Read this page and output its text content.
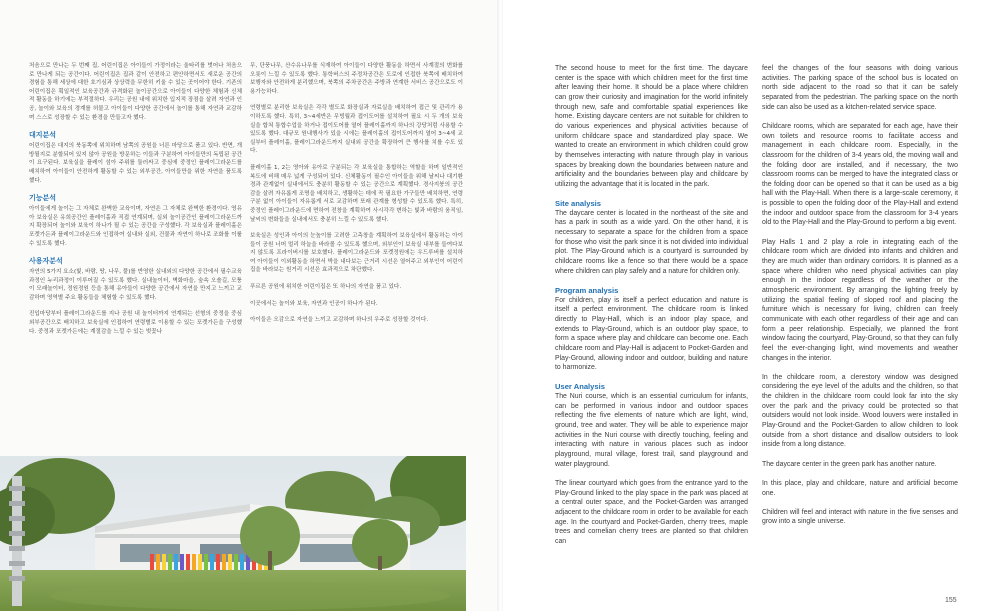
처음으로 만나는 두 번째 집, 어린이집은 아이들이 가정이라는 울타리를 벗어나 처음으로 만나게 되는 공간이다. 어린이집은 집과 같이 안전하고 편안하면서도 새로운 공간의 경험을 통해 세상에 대한 호기심과 상상력을 무한히 키울 수 있는 곳이어야 한다. 기존의 어린이집은 획일적인 보육공간과 규격화된 놀이공간으로 아이들이 다양한 체험과 신체적 활동을 하기에는 부적절하다. 우리는 공원 내에 위치한 입지적 장점을 살려 자연과 인공, 놀이와 보육의 경계를 허물고 아이들이 다양한 공간에서 놀이를 통해 자연과 교감하며 스스로 성장할 수 있는 환경을 만들고자 했다.

대지분석

어린이집은 대지의 북동쪽에 위치하며 남쪽의 공원을 너른 마당으로 품고 있다. 반면, 개방될지로 분할되어 있지 않아 공원을 방문하는 이들과 구분하여 아이들만의 독립된 공간이 요구된다. 보육실을 플레이 섬아 주위를 둘러싸고 중심에 중정인 플레이그라운드를 배치하여 아이들이 안전하게 활동할 수 있는 외부공간, 아이들만을 위한 자연을 품도록 했다.

기능분석

아이들에게 놀이는 그 자체로 완벽한 교육이며, 자연은 그 자체로 완벽한 환경이다. 영유아 보육실은 유희공간인 플레이홀과 직접 연계되며, 실외 놀이공간인 플레이그라운드까지 확장되어 놀이와 보육이 하나가 될 수 있는 공간을 구성했다. 각 보육실과 플레이홀은 포켓가든과 플레이그라운드와 인접하여 실내와 실외, 건물과 자연이 하나로 조화를 이룰 수 있도록 했다.

사용자분석

자연의 5가지 요소(빛, 바람, 땅, 나무, 풀)를 반영한 실내외의 다양한 공간에서 필수교육과정인 누리과정이 이루어질 수 있도록 했다. 실내놀이터, 벽화마을, 숲속 오솔길, 모퉁이 모래놀이터, 정원정원 등을 통해 유아들이 다양한 공간에서 자연을 만지고 느끼고 교감하며 영역별 주요 활동들을 체험할 수 있도록 했다.

진입마당부터 플레이그라운드를 지나 공원 내 놀이터까지 연계되는 선형의 중정을 중심 외부공간으로 배치하고 보육실에 인접하여 연령별로 이용할 수 있는 포켓가든을 구성했다. 중정과 포켓가든에는 계절감을 느낄 수 있는 벚꽃나

무, 단풍나무, 산수유나무를 식재하여 아이들이 다양한 활동을 하면서 사계절의 변화를 오롯이 느낄 수 있도록 했다. 통학버스의 주정차공간은 도로에 인접한 북쪽에 배치하여 보행자와 안전하게 분리했으며, 북쪽의 주차공간은 주방과 연계한 서비스 공간으로도 이용가능하다.

연령별로 분리한 보육실은 각각 별도로 화장실과 자료실을 배치하여 접근 및 관리가 용이하도록 했다. 특히, 3~4세반은 무빙월과 접이도어를 설치하여 필요 시 두 개의 보육실을 합쳐 통합수업을 하거나 접이도어를 열어 플레이홀까지 하나의 강당처럼 사용할 수 있도록 했다. 대규모 원내행사가 있을 시에는 플레이홀의 접이도어까지 열어 3~4세 교실부터 플레이홀, 플레이그라운드까지 실내외 공간을 확장하여 큰 행사를 치를 수도 있다.

플레이홀 1, 2는 영아와 유아로 구분되는 각 보육실을 통합하는 역할을 하며 일반적인 복도에 비해 매우 넓게 구성되어 있다. 신체활동이 필수인 아이들을 위해 날씨나 대기환경과 관계없이 실내에서도 충분히 활동할 수 있는 공간으로 계획했다. 경사지붕의 공간감을 살려 자유롭게 조명을 배치하고, 생활하는 데에 꼭 필요한 가구들만 배치하면, 연령구분 없이 아이들이 자유롭게 서로 교감하며 또래 관계를 형성할 수 있도록 했다. 특히, 중정인 플레이그라운드에 면하여 전창을 계획하여 사시각각 변하는 빛과 바람의 움직임, 날씨의 변화들을 실내에서도 충분히 느낄 수 있도록 했다.

보육실은 성인과 아이의 눈높이를 고려한 고측창을 계획하여 보육실에서 활동하는 아이들이 공원 너머 멀리 하늘을 바라볼 수 있도록 했으며, 외부인이 보육실 내부를 들여다보지 않도록 프라이버시를 보호했다. 플레이그라운드와 포켓정원에는 우드루버를 설치하여 아이들이 이외활동을 하면서 박을 내다보는 근거리 시선은 열어주고 외부인이 어린이집을 바라보는 원거리 시선은 효과적으로 차단했다.

푸르른 공원에 위치한 어린이집은 또 하나의 자연을 품고 있다.

이곳에서는 놀이와 보육, 자연과 인공이 하나가 된다.

아이들은 오감으로 자연을 느끼고 교감하며 하나의 우주로 성장할 것이다.

The second house to meet for the first time. The daycare center is the space with which children meet for the first time after leaving their home. It should be a place where children can grow their curiosity and imagination for the world infinitely through new, safe and comfortable spatial experiences like home. Existing daycare centers are not suitable for children to do various experiences and physical activities because of uniform childcare space and standardized play space. We wanted to create an environment in which children could grow by themselves interacting with nature through play in various spaces by breaking down the boundaries between nature and artificiality and the boundaries between play and childcare by utilizing the advantage that it is located in the park.

Site analysis

The daycare center is located in the northeast of the site and has a park in south as a wide yard. On the other hand, it is necessary to separate a space for the children from a space for those who visit the park since it is not divided into individual plot. The Play-Ground which is a courtyard is surrounded by childcare rooms like a fence so that there would be a space where children can play safely and a nature for children only.

Program analysis

For children, play is itself a perfect education and nature is itself a perfect environment. The childcare room is linked directly to Play-Hall, which is an indoor play space, and extends to Play-Ground, which is an outdoor play space, to form a space where play and childcare can become one. Each childcare room and Play-Hall is adjacent to Pocket-Garden and Play-Ground, allowing indoor and outdoor, building and nature to harmonize.

User Analysis

The Nuri course, which is an essential curriculum for infants, can be performed in various indoor and outdoor spaces reflecting the five elements of nature which are light, wind, ground, tree and water. They will be able to experience major activities in the Nuri course with directly touching, feeling and interacting with nature in various places such as indoor playground, mural village, forest trail, sand playground and water playground.

The linear courtyard which goes from the entrance yard to the Play-Ground linked to the play space in the park was placed at a central outer space, and the Pocket-Garden was arranged adjacent to the childcare room in order to be available for each age. In the courtyard and Pocket-Garden, cherry trees, maple trees and cornelian cherry trees are planted so that children can

feel the changes of the four seasons with doing various activities. The parking space of the school bus is located on north side adjacent to the road so that it can be safely separated from the pedestrian. The parking space on the north side can also be used as a kitchen-related service space.

Childcare rooms, which are separated for each age, have their own toilets and resource rooms to facilitate access and management in each childcare room. Especially, in the classroom for the children of 3-4 years old, the moving wall and the folding door are installed, and if necessary, the two classroom rooms can be merged to have the integrated class or the folding door can be opened so that it can be used as a big hall with the Play-Hall. When there is a large-scale ceremony, it is possible to open the folding door of the Play-Hall and extend the indoor and outdoor space from the classroom for 3-4 years old to the Play-Hall and the Play-Ground to perform a big event.

Play Halls 1 and 2 play a role in integrating each of the childcare room which are divided into infants and children and they are much wider than ordinary corridors. It is planned as a space where children who need physical activities can play enough in the indoor regardless of the weather or the atmospheric environment. By arranging the lighting freely by utilizing the spatial feeling of sloped roof and placing the furniture which is necessary for living, children can freely communicate with each other regardless of their age and can form a peer relationship. Especially, we planned the front window facing the courtyard, Play-Ground, so that they can fully feel the ever-changing light, wind movements and weather changes in the interior.

In the childcare room, a clerestory window was designed considering the eye level of the adults and the children, so that the children in the childcare room could look far into the sky over the park and the privacy could be protected so that outsiders would not look inside. Wood louvers were installed in Play-Ground and the Pocket-Garden to allow children to look outside from a short distance and disallow outsiders to look inside from a long distance.

The daycare center in the green park has another nature.

In this place, play and childcare, nature and artificial become one.

Children will feel and interact with nature in the five senses and grow into a single universe.

155
